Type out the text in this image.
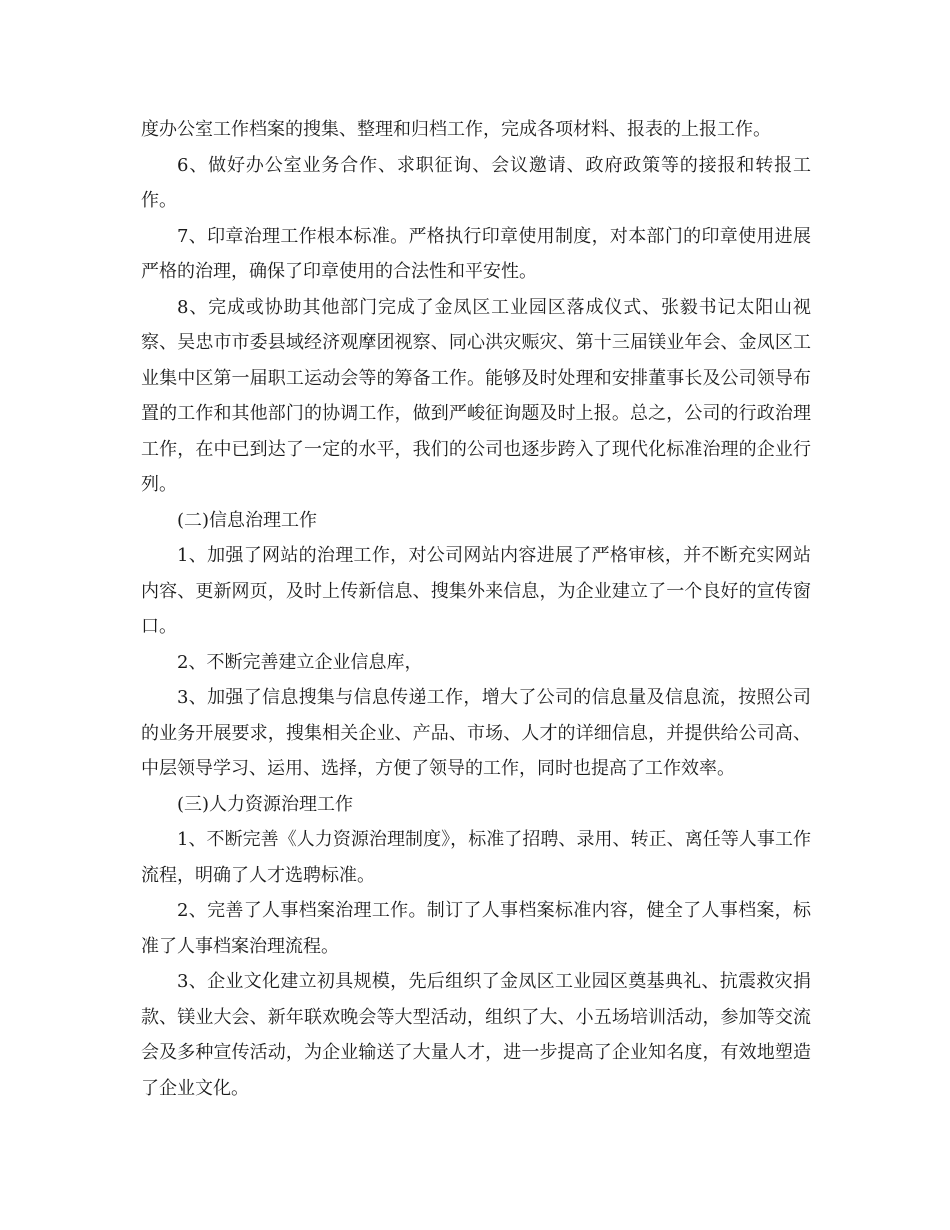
度办公室工作档案的搜集、整理和归档工作，完成各项材料、报表的上报工作。

6、做好办公室业务合作、求职征询、会议邀请、政府政策等的接报和转报工作。

7、印章治理工作根本标准。严格执行印章使用制度，对本部门的印章使用进展严格的治理，确保了印章使用的合法性和平安性。

8、完成或协助其他部门完成了金凤区工业园区落成仪式、张毅书记太阳山视察、吴忠市市委县域经济观摩团视察、同心洪灾赈灾、第十三届镁业年会、金凤区工业集中区第一届职工运动会等的筹备工作。能够及时处理和安排董事长及公司领导布置的工作和其他部门的协调工作，做到严峻征询题及时上报。总之，公司的行政治理工作，在中已到达了一定的水平，我们的公司也逐步跨入了现代化标准治理的企业行列。

(二)信息治理工作

1、加强了网站的治理工作，对公司网站内容进展了严格审核，并不断充实网站内容、更新网页，及时上传新信息、搜集外来信息，为企业建立了一个良好的宣传窗口。

2、不断完善建立企业信息库，

3、加强了信息搜集与信息传递工作，增大了公司的信息量及信息流，按照公司的业务开展要求，搜集相关企业、产品、市场、人才的详细信息，并提供给公司高、中层领导学习、运用、选择，方便了领导的工作，同时也提高了工作效率。

(三)人力资源治理工作

1、不断完善《人力资源治理制度》，标准了招聘、录用、转正、离任等人事工作流程，明确了人才选聘标准。

2、完善了人事档案治理工作。制订了人事档案标准内容，健全了人事档案，标准了人事档案治理流程。

3、企业文化建立初具规模，先后组织了金凤区工业园区奠基典礼、抗震救灾捐款、镁业大会、新年联欢晚会等大型活动，组织了大、小五场培训活动，参加等交流会及多种宣传活动，为企业输送了大量人才，进一步提高了企业知名度，有效地塑造了企业文化。
